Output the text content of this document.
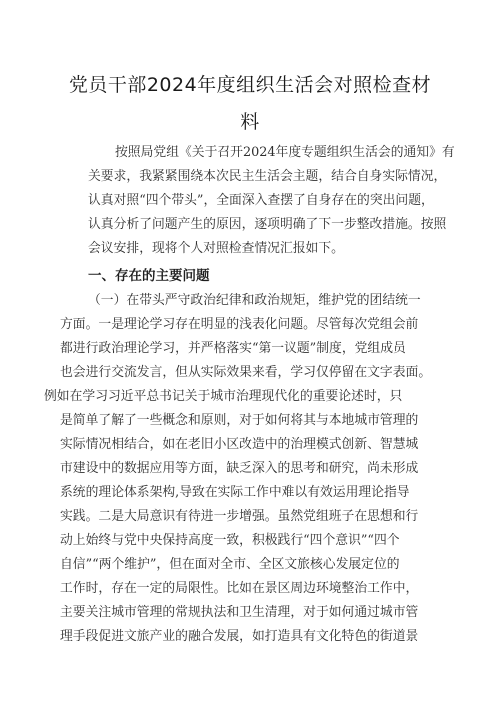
党员干部2024年度组织生活会对照检查材
料

按照局党组《关于召开2024年度专题组织生活会的通知》有

关要求，我紧紧围绕本次民主生活会主题，结合自身实际情况，

认真对照“四个带头”，全面深入查摆了自身存在的突出问题，

认真分析了问题产生的原因，逐项明确了下一步整改措施。按照

会议安排，现将个人对照检查情况汇报如下。

一、存在的主要问题

（一）在带头严守政治纪律和政治规矩，维护党的团结统一

方面。一是理论学习存在明显的浅表化问题。尽管每次党组会前

都进行政治理论学习，并严格落实“第一议题”制度，党组成员

也会进行交流发言，但从实际效果来看，学习仅停留在文字表面。

例如在学习习近平总书记关于城市治理现代化的重要论述时，只

是简单了解了一些概念和原则，对于如何将其与本地城市管理的

实际情况相结合，如在老旧小区改造中的治理模式创新、智慧城

市建设中的数据应用等方面，缺乏深入的思考和研究，尚未形成

系统的理论体系架构,导致在实际工作中难以有效运用理论指导

实践。二是大局意识有待进一步增强。虽然党组班子在思想和行

动上始终与党中央保持高度一致，积极践行“四个意识”“四个

自信”“两个维护”，但在面对全市、全区文旅核心发展定位的

工作时，存在一定的局限性。比如在景区周边环境整治工作中，

主要关注城市管理的常规执法和卫生清理，对于如何通过城市管

理手段促进文旅产业的融合发展，如打造具有文化特色的街道景
